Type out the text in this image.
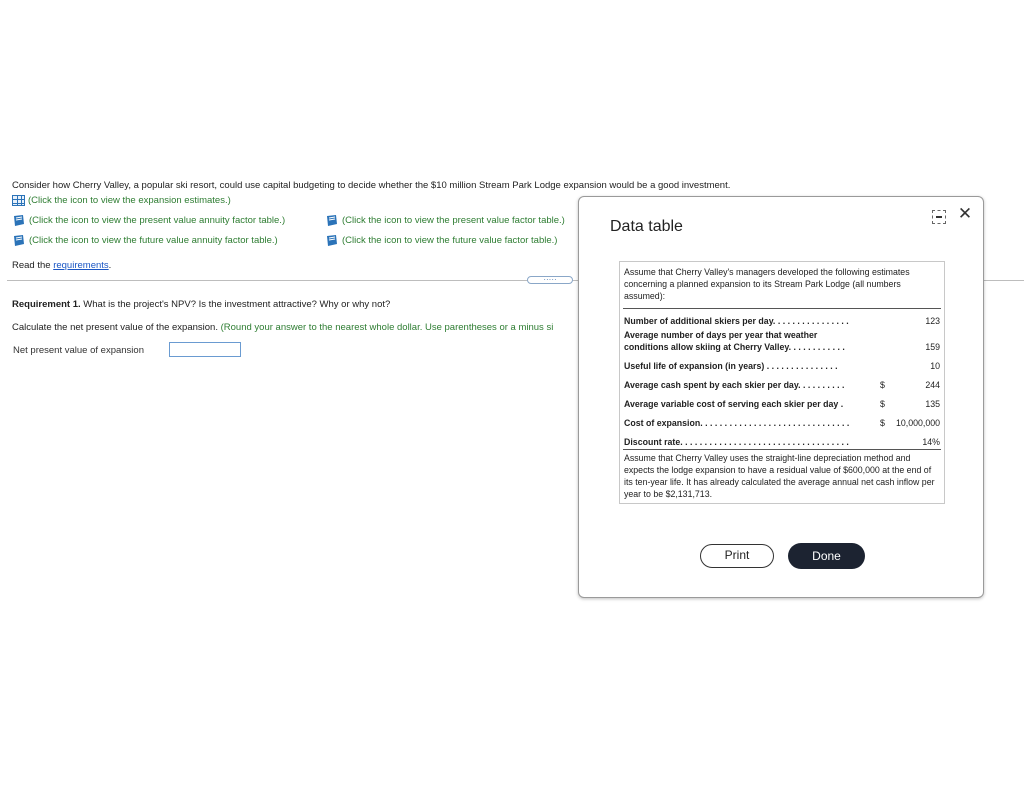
Consider how Cherry Valley, a popular ski resort, could use capital budgeting to decide whether the $10 million Stream Park Lodge expansion would be a good investment.
(Click the icon to view the expansion estimates.)
(Click the icon to view the present value annuity factor table.)	(Click the icon to view the present value factor table.)
(Click the icon to view the future value annuity factor table.)	(Click the icon to view the future value factor table.)
Read the requirements.
·····
Requirement 1. What is the project's NPV? Is the investment attractive? Why or why not?
Calculate the net present value of the expansion. (Round your answer to the nearest whole dollar. Use parentheses or a minus si
Net present value of expansion
Data table
✕
Assume that Cherry Valley's managers developed the following estimates concerning a planned expansion to its Stream Park Lodge (all numbers assumed):
Number of additional skiers per day. . . . . . . . . . . . . . . .	123
Average number of days per year that weather
conditions allow skiing at Cherry Valley. . . . . . . . . . . .	159
Useful life of expansion (in years) . . . . . . . . . . . . . . .	10
Average cash spent by each skier per day. . . . . . . . . .	$	244
Average variable cost of serving each skier per day .	$	135
Cost of expansion. . . . . . . . . . . . . . . . . . . . . . . . . . . . . . .	$ 10,000,000
Discount rate. . . . . . . . . . . . . . . . . . . . . . . . . . . . . . . . . . .	14%
Assume that Cherry Valley uses the straight-line depreciation method and expects the lodge expansion to have a residual value of $600,000 at the end of its ten-year life. It has already calculated the average annual net cash inflow per year to be $2,131,713.
Print	Done
